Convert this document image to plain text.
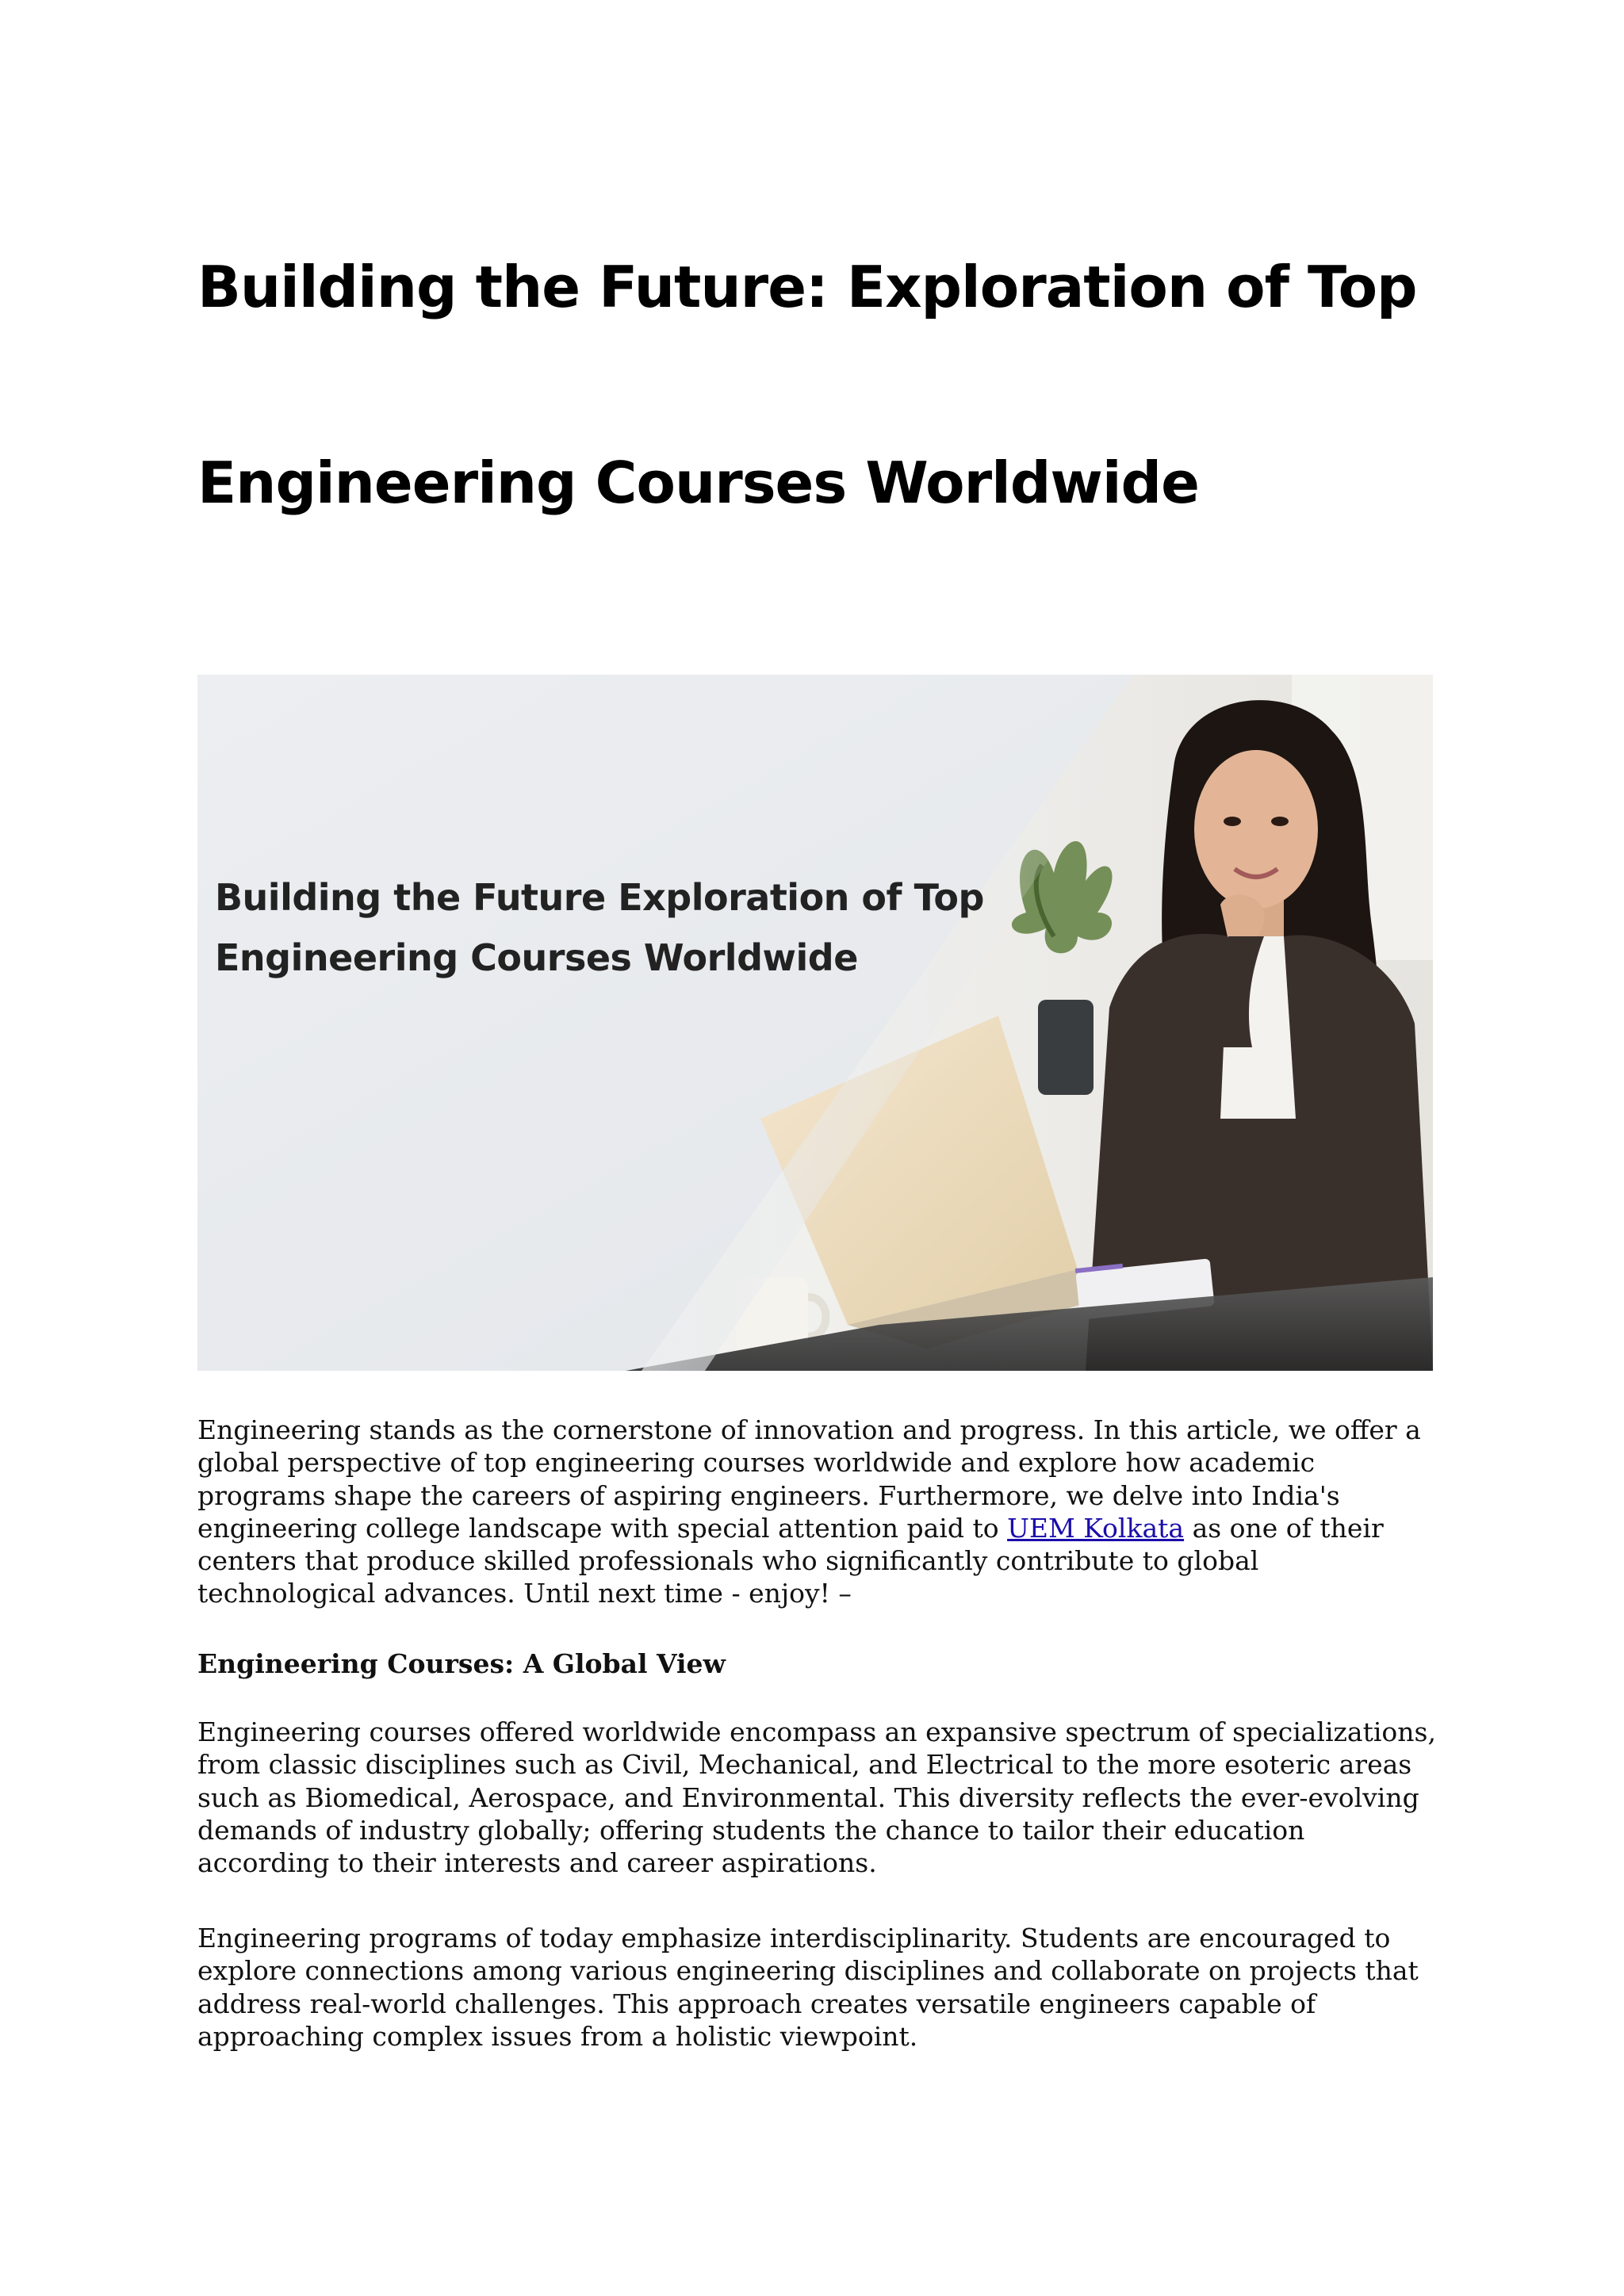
Building the Future: Exploration of Top
Engineering Courses Worldwide

Building the Future Exploration of Top

Engineering Courses Worldwide

Engineering stands as the cornerstone of innovation and progress. In this article, we offer a global perspective of top engineering courses worldwide and explore how academic programs shape the careers of aspiring engineers. Furthermore, we delve into India's engineering college landscape with special attention paid to UEM Kolkata as one of their centers that produce skilled professionals who significantly contribute to global technological advances. Until next time - enjoy! –

Engineering Courses: A Global View

Engineering courses offered worldwide encompass an expansive spectrum of specializations, from classic disciplines such as Civil, Mechanical, and Electrical to the more esoteric areas such as Biomedical, Aerospace, and Environmental. This diversity reflects the ever-evolving demands of industry globally; offering students the chance to tailor their education according to their interests and career aspirations.

Engineering programs of today emphasize interdisciplinarity. Students are encouraged to explore connections among various engineering disciplines and collaborate on projects that address real-world challenges. This approach creates versatile engineers capable of approaching complex issues from a holistic viewpoint.
